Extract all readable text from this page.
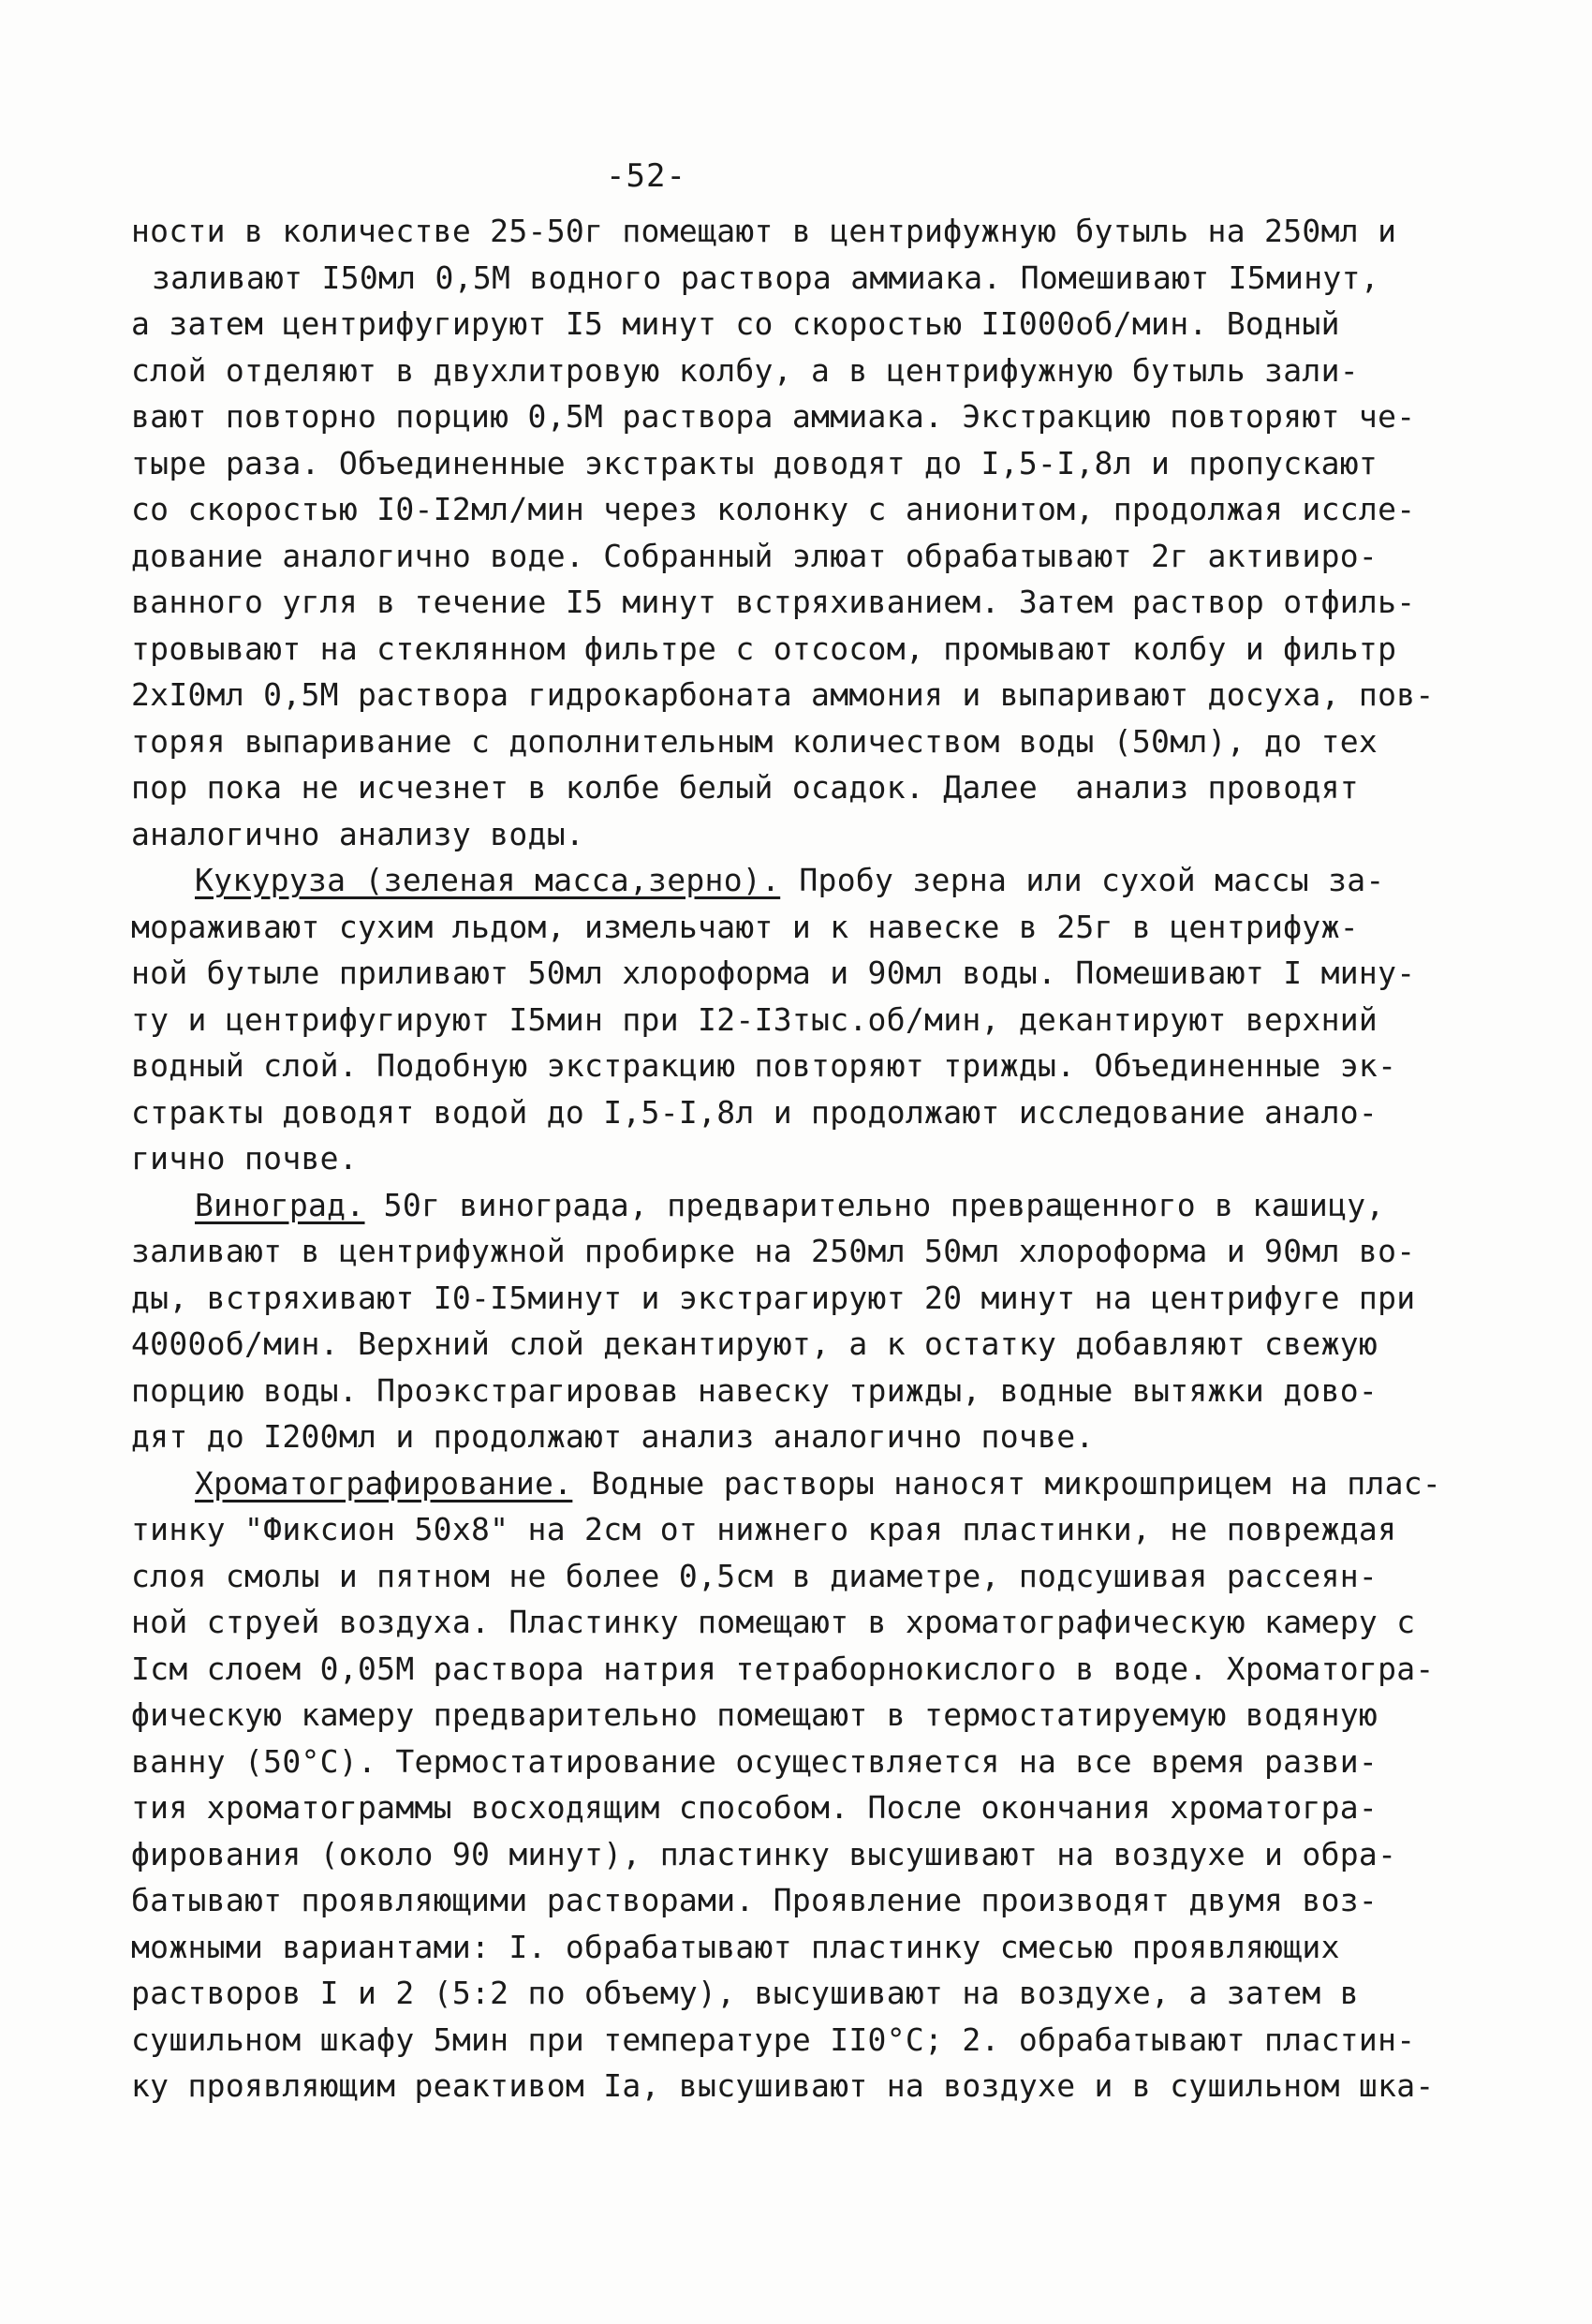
-52-
ности в количестве 25-50г помещают в центрифужную бутыль на 250мл и
заливают I50мл 0,5М водного раствора аммиака. Помешивают I5минут,
а затем центрифугируют I5 минут со скоростью II000об/мин. Водный
слой отделяют в двухлитровую колбу, а в центрифужную бутыль зали-
вают повторно порцию 0,5М раствора аммиака. Экстракцию повторяют че-
тыре раза. Объединенные экстракты доводят до I,5-I,8л и пропускают
со скоростью I0-I2мл/мин через колонку с анионитом, продолжая иссле-
дование аналогично воде. Собранный элюат обрабатывают 2г активиро-
ванного угля в течение I5 минут встряхиванием. Затем раствор отфиль-
тровывают на стеклянном фильтре с отсосом, промывают колбу и фильтр
2хI0мл 0,5М раствора гидрокарбоната аммония и выпаривают досуха, пов-
торяя выпаривание с дополнительным количеством воды (50мл), до тех
пор пока не исчезнет в колбе белый осадок. Далее  анализ проводят
аналогично анализу воды.
Кукуруза (зеленая масса,зерно). Пробу зерна или сухой массы за-
мораживают сухим льдом, измельчают и к навеске в 25г в центрифуж-
ной бутыле приливают 50мл хлороформа и 90мл воды. Помешивают I мину-
ту и центрифугируют I5мин при I2-I3тыс.об/мин, декантируют верхний
водный слой. Подобную экстракцию повторяют трижды. Объединенные эк-
стракты доводят водой до I,5-I,8л и продолжают исследование анало-
гично почве.
Виноград. 50г винограда, предварительно превращенного в кашицу,
заливают в центрифужной пробирке на 250мл 50мл хлороформа и 90мл во-
ды, встряхивают I0-I5минут и экстрагируют 20 минут на центрифуге при
4000об/мин. Верхний слой декантируют, а к остатку добавляют свежую
порцию воды. Проэкстрагировав навеску трижды, водные вытяжки дово-
дят до I200мл и продолжают анализ аналогично почве.
Хроматографирование. Водные растворы наносят микрошприцем на плас-
тинку "Фиксион 50х8" на 2см от нижнего края пластинки, не повреждая
слоя смолы и пятном не более 0,5см в диаметре, подсушивая рассеян-
ной струей воздуха. Пластинку помещают в хроматографическую камеру с
Iсм слоем 0,05М раствора натрия тетраборнокислого в воде. Хроматогра-
фическую камеру предварительно помещают в термостатируемую водяную
ванну (50°С). Термостатирование осуществляется на все время разви-
тия хроматограммы восходящим способом. После окончания хроматогра-
фирования (около 90 минут), пластинку высушивают на воздухе и обра-
батывают проявляющими растворами. Проявление производят двумя воз-
можными вариантами: I. обрабатывают пластинку смесью проявляющих
растворов I и 2 (5:2 по объему), высушивают на воздухе, а затем в
сушильном шкафу 5мин при температуре II0°С; 2. обрабатывают пластин-
ку проявляющим реактивом Iа, высушивают на воздухе и в сушильном шка-
